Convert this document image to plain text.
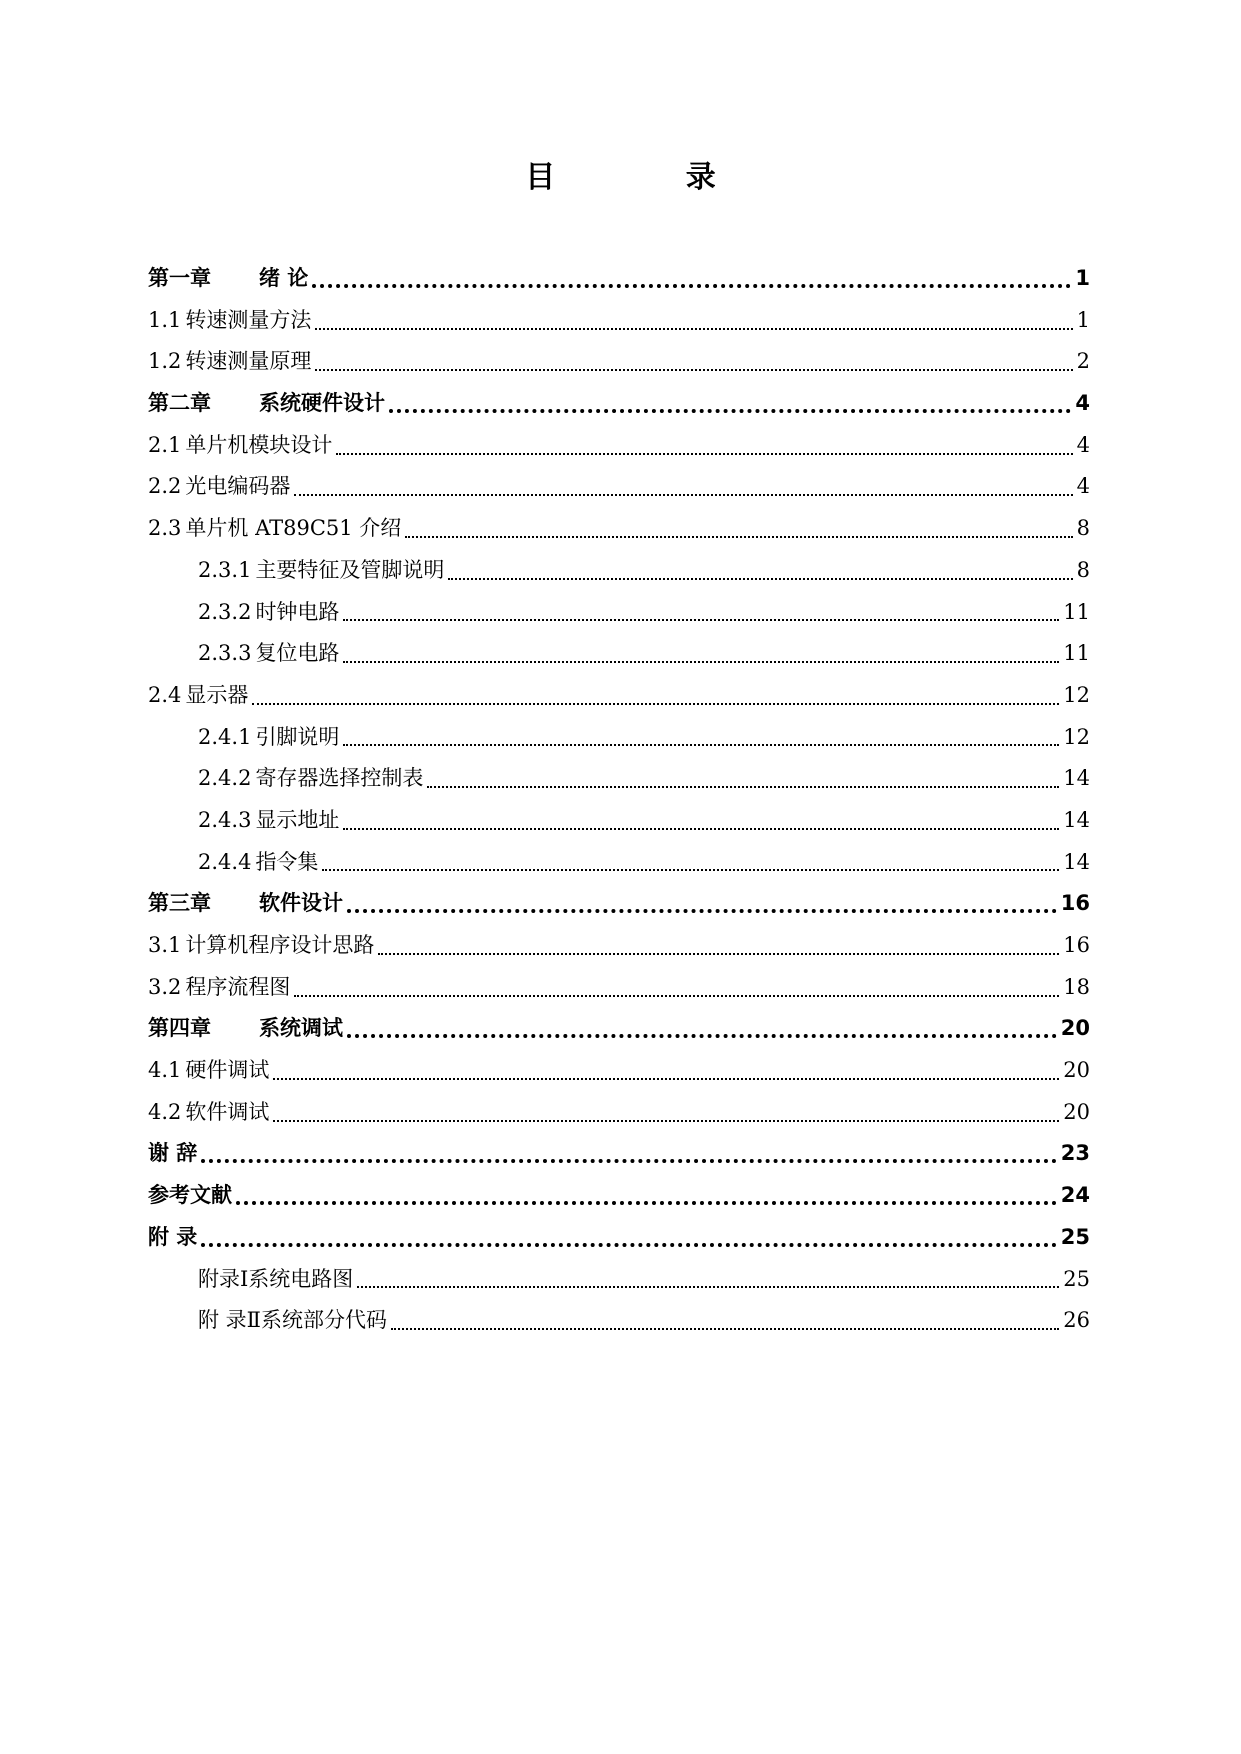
目 录
第一章 绪 论	1
1.1 转速测量方法	1
1.2 转速测量原理	2
第二章 系统硬件设计	4
2.1 单片机模块设计	4
2.2 光电编码器	4
2.3 单片机 AT89C51 介绍	8
2.3.1 主要特征及管脚说明	8
2.3.2 时钟电路	11
2.3.3 复位电路	11
2.4 显示器	12
2.4.1 引脚说明	12
2.4.2 寄存器选择控制表	14
2.4.3 显示地址	14
2.4.4 指令集	14
第三章 软件设计	16
3.1 计算机程序设计思路	16
3.2 程序流程图	18
第四章 系统调试	20
4.1 硬件调试	20
4.2 软件调试	20
谢 辞	23
参考文献	24
附 录	25
附录Ⅰ系统电路图	25
附 录Ⅱ系统部分代码	26
